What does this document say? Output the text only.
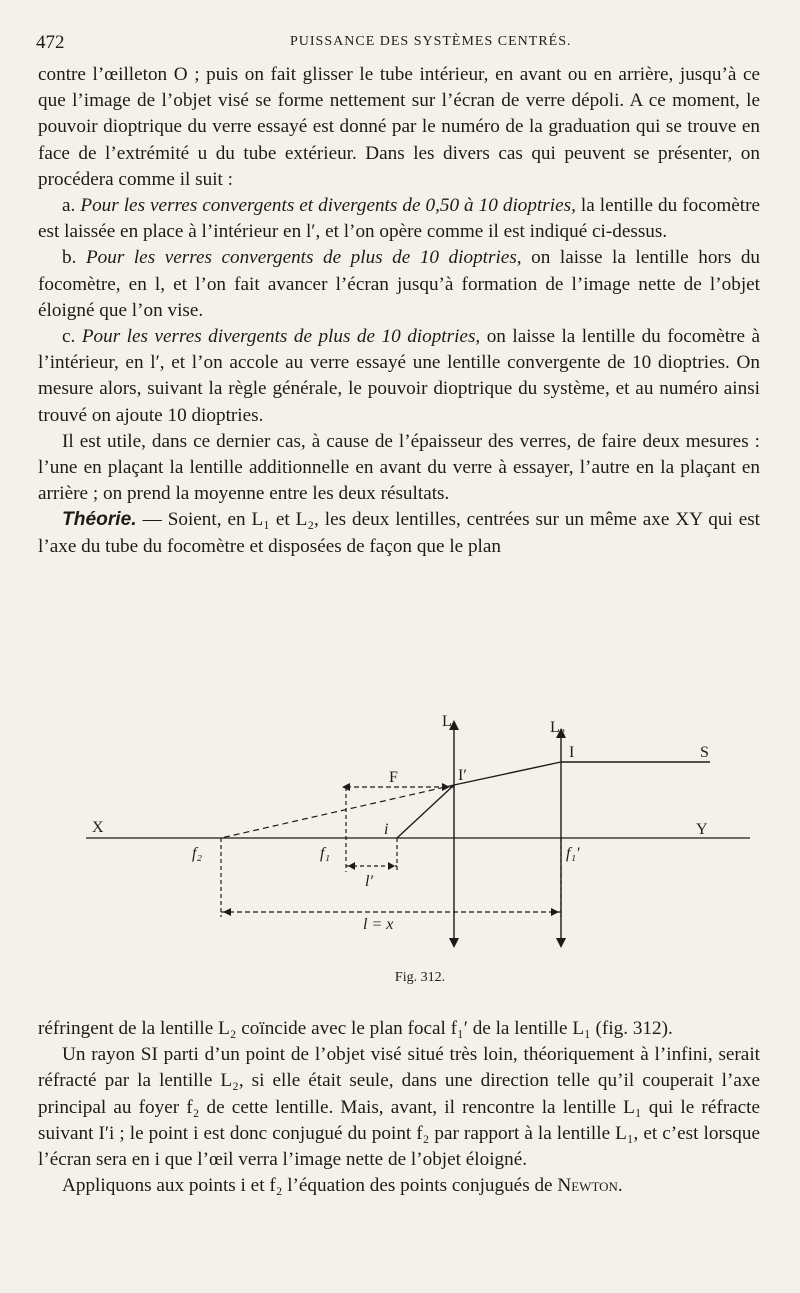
472	PUISSANCE DES SYSTÈMES CENTRÉS.

contre l’œilleton O ; puis on fait glisser le tube intérieur, en avant ou en arrière, jusqu’à ce que l’image de l’objet visé se forme nettement sur l’écran de verre dépoli. A ce moment, le pouvoir dioptrique du verre essayé est donné par le numéro de la graduation qui se trouve en face de l’extrémité u du tube extérieur. Dans les divers cas qui peuvent se présenter, on procédera comme il suit :

a. Pour les verres convergents et divergents de 0,50 à 10 dioptries, la lentille du focomètre est laissée en place à l’intérieur en l′, et l’on opère comme il est indiqué ci-dessus.

b. Pour les verres convergents de plus de 10 dioptries, on laisse la lentille hors du focomètre, en l, et l’on fait avancer l’écran jusqu’à formation de l’image nette de l’objet éloigné que l’on vise.

c. Pour les verres divergents de plus de 10 dioptries, on laisse la lentille du focomètre à l’intérieur, en l′, et l’on accole au verre essayé une lentille convergente de 10 dioptries. On mesure alors, suivant la règle générale, le pouvoir dioptrique du système, et au numéro ainsi trouvé on ajoute 10 dioptries.

Il est utile, dans ce dernier cas, à cause de l’épaisseur des verres, de faire deux mesures : l’une en plaçant la lentille additionnelle en avant du verre à essayer, l’autre en la plaçant en arrière ; on prend la moyenne entre les deux résultats.

Théorie. — Soient, en L₁ et L₂, les deux lentilles, centrées sur un même axe XY qui est l’axe du tube du focomètre et disposées de façon que le plan

L₁	L₂
I	S
F	I′
X	Y
i
f₂	f₁	f₁′
l′
l = x
Fig. 312.

réfringent de la lentille L₂ coïncide avec le plan focal f₁′ de la lentille L₁ (fig. 312).

Un rayon SI parti d’un point de l’objet visé situé très loin, théoriquement à l’infini, serait réfracté par la lentille L₂, si elle était seule, dans une direction telle qu’il couperait l’axe principal au foyer f₂ de cette lentille. Mais, avant, il rencontre la lentille L₁ qui le réfracte suivant I′i ; le point i est donc conjugué du point f₂ par rapport à la lentille L₁, et c’est lorsque l’écran sera en i que l’œil verra l’image nette de l’objet éloigné.

Appliquons aux points i et f₂ l’équation des points conjugués de Newton.
